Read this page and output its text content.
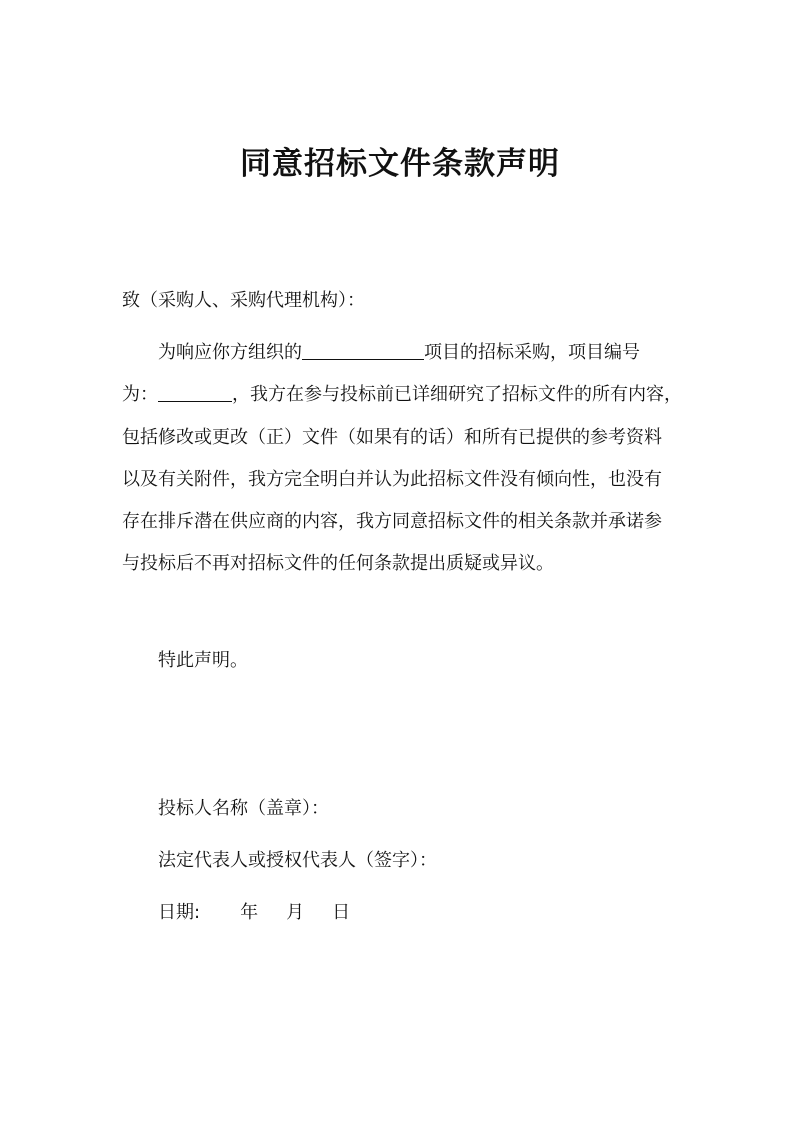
同意招标文件条款声明
致（采购人、采购代理机构）：
为响应你方组织的	项目的招标采购，项目编号
为：	，我方在参与投标前已详细研究了招标文件的所有内容，
包括修改或更改（正）文件（如果有的话）和所有已提供的参考资料
以及有关附件，我方完全明白并认为此招标文件没有倾向性，也没有
存在排斥潜在供应商的内容，我方同意招标文件的相关条款并承诺参
与投标后不再对招标文件的任何条款提出质疑或异议。
特此声明。
投标人名称（盖章）：
法定代表人或授权代表人（签字）：
日期: 年 月 日
